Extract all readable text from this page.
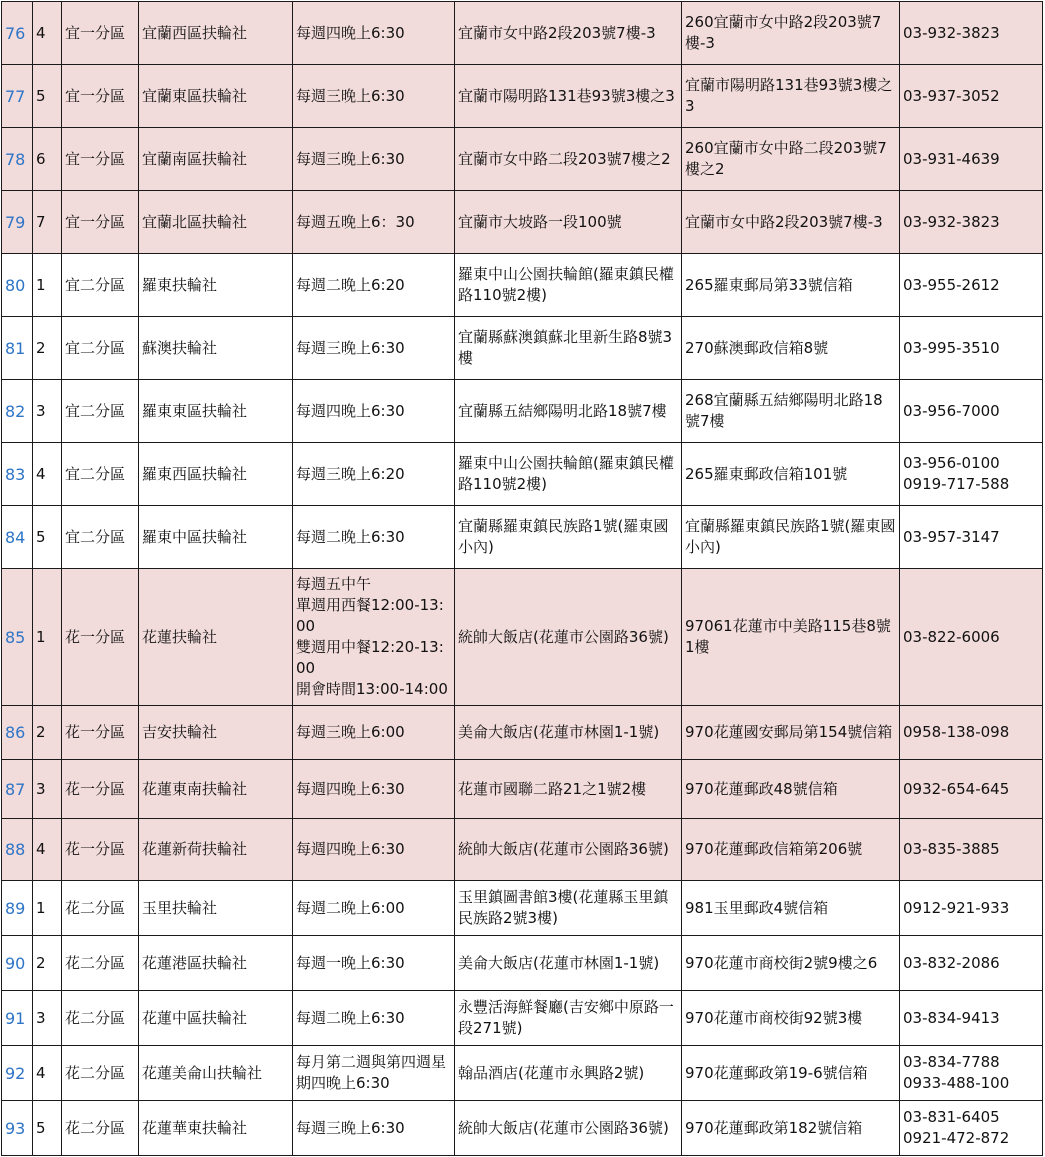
76	4	宜一分區	宜蘭西區扶輪社	每週四晚上6:30	宜蘭市女中路2段203號7樓-3	260宜蘭市女中路2段203號7樓-3	03-932-3823

77	5	宜一分區	宜蘭東區扶輪社	每週三晚上6:30	宜蘭市陽明路131巷93號3樓之3	宜蘭市陽明路131巷93號3樓之3	03-937-3052

78	6	宜一分區	宜蘭南區扶輪社	每週三晚上6:30	宜蘭市女中路二段203號7樓之2	260宜蘭市女中路二段203號7樓之2	03-931-4639

79	7	宜一分區	宜蘭北區扶輪社	每週五晚上6：30	宜蘭市大坡路一段100號	宜蘭市女中路2段203號7樓-3	03-932-3823

80	1	宜二分區	羅東扶輪社	每週二晚上6:20	羅東中山公園扶輪館(羅東鎮民權路110號2樓)	265羅東郵局第33號信箱	03-955-2612

81	2	宜二分區	蘇澳扶輪社	每週三晚上6:30	宜蘭縣蘇澳鎮蘇北里新生路8號3樓	270蘇澳郵政信箱8號	03-995-3510

82	3	宜二分區	羅東東區扶輪社	每週四晚上6:30	宜蘭縣五結鄉陽明北路18號7樓	268宜蘭縣五結鄉陽明北路18號7樓	03-956-7000

83	4	宜二分區	羅東西區扶輪社	每週三晚上6:20	羅東中山公園扶輪館(羅東鎮民權路110號2樓)	265羅東郵政信箱101號	03-956-0100
0919-717-588

84	5	宜二分區	羅東中區扶輪社	每週二晚上6:30	宜蘭縣羅東鎮民族路1號(羅東國小內)	宜蘭縣羅東鎮民族路1號(羅東國小內)	03-957-3147

85	1	花一分區	花蓮扶輪社	每週五中午
單週用西餐12:00-13:00
雙週用中餐12:20-13:00
開會時間13:00-14:00	統帥大飯店(花蓮市公園路36號)	97061花蓮市中美路115巷8號1樓	03-822-6006

86	2	花一分區	吉安扶輪社	每週三晚上6:00	美侖大飯店(花蓮市林園1-1號)	970花蓮國安郵局第154號信箱	0958-138-098

87	3	花一分區	花蓮東南扶輪社	每週四晚上6:30	花蓮市國聯二路21之1號2樓	970花蓮郵政48號信箱	0932-654-645

88	4	花一分區	花蓮新荷扶輪社	每週四晚上6:30	統帥大飯店(花蓮市公園路36號)	970花蓮郵政信箱第206號	03-835-3885

89	1	花二分區	玉里扶輪社	每週二晚上6:00	玉里鎮圖書館3樓(花蓮縣玉里鎮民族路2號3樓)	981玉里郵政4號信箱	0912-921-933

90	2	花二分區	花蓮港區扶輪社	每週一晚上6:30	美侖大飯店(花蓮市林園1-1號)	970花蓮市商校街2號9樓之6	03-832-2086

91	3	花二分區	花蓮中區扶輪社	每週二晚上6:30	永豐活海鮮餐廳(吉安鄉中原路一段271號)	970花蓮市商校街92號3樓	03-834-9413

92	4	花二分區	花蓮美侖山扶輪社	每月第二週與第四週星期四晚上6:30	翰品酒店(花蓮市永興路2號)	970花蓮郵政第19-6號信箱	03-834-7788
0933-488-100

93	5	花二分區	花蓮華東扶輪社	每週三晚上6:30	統帥大飯店(花蓮市公園路36號)	970花蓮郵政第182號信箱	03-831-6405
0921-472-872
